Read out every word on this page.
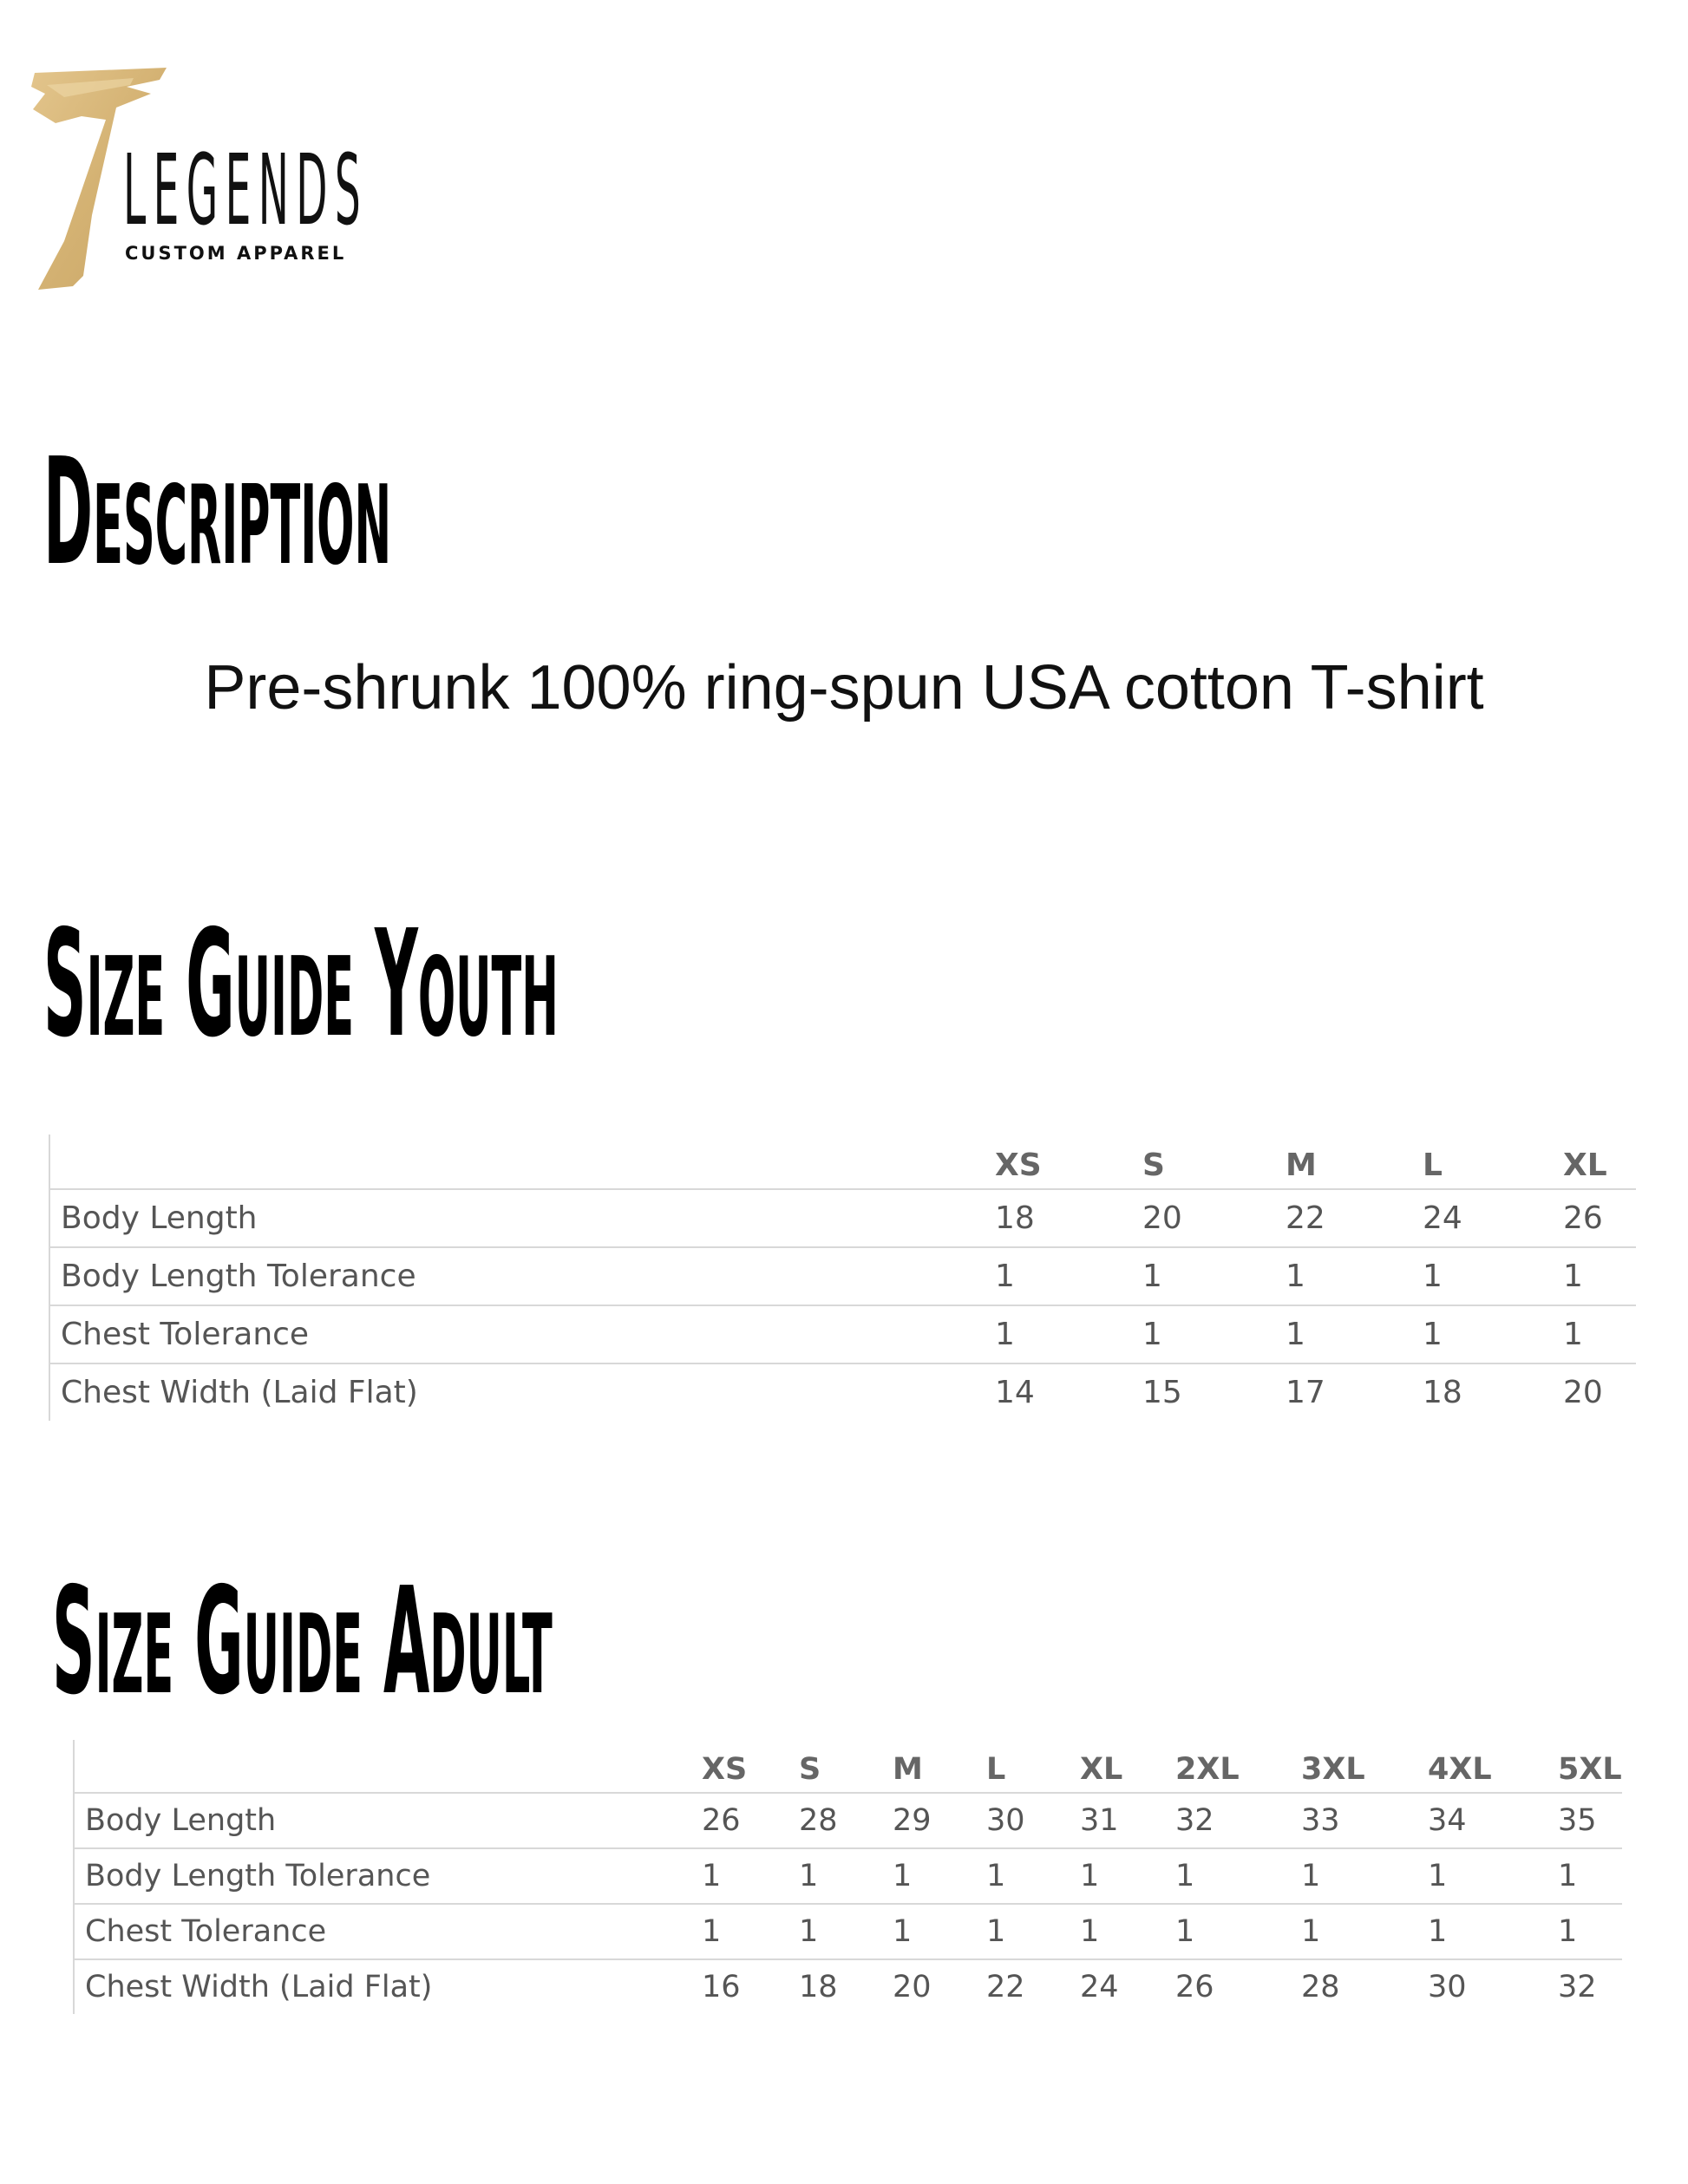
LEGENDS
CUSTOM APPAREL
DESCRIPTION
Pre-shrunk 100% ring-spun USA cotton T-shirt
SIZE GUIDE YOUTH
	XS	S	M	L	XL
Body Length	18	20	22	24	26
Body Length Tolerance	1	1	1	1	1
Chest Tolerance	1	1	1	1	1
Chest Width (Laid Flat)	14	15	17	18	20
SIZE GUIDE ADULT
	XS	S	M	L	XL	2XL	3XL	4XL	5XL
Body Length	26	28	29	30	31	32	33	34	35
Body Length Tolerance	1	1	1	1	1	1	1	1	1
Chest Tolerance	1	1	1	1	1	1	1	1	1
Chest Width (Laid Flat)	16	18	20	22	24	26	28	30	32
